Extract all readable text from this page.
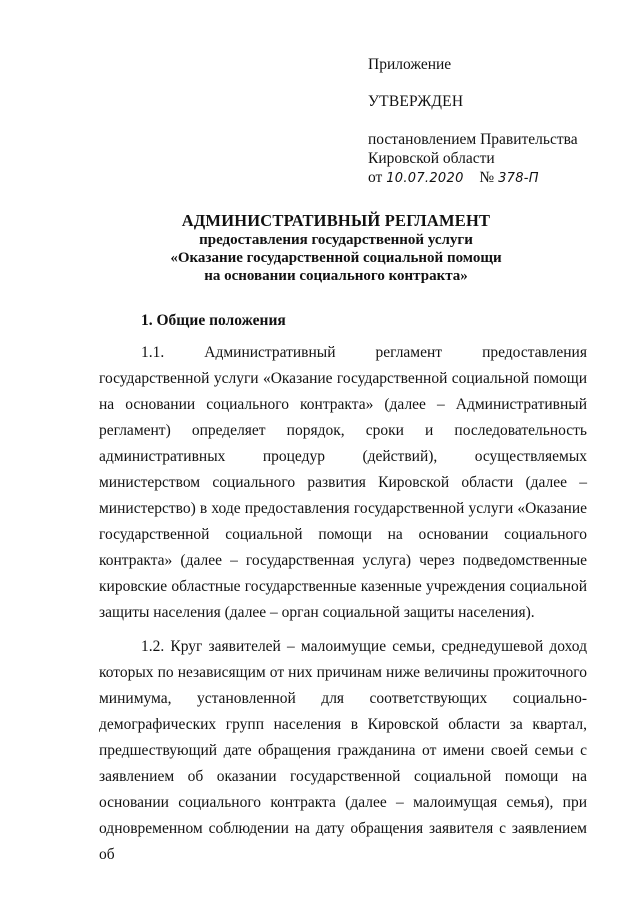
Приложение
УТВЕРЖДЕН
постановлением Правительства
Кировской области
от 10.07.2020 № 378-П
АДМИНИСТРАТИВНЫЙ РЕГЛАМЕНТ
предоставления государственной услуги
«Оказание государственной социальной помощи
на основании социального контракта»
1. Общие положения

1.1. Административный регламент предоставления государственной услуги «Оказание государственной социальной помощи на основании социального контракта» (далее – Административный регламент) определяет порядок, сроки и последовательность административных процедур (действий), осуществляемых министерством социального развития Кировской области (далее – министерство) в ходе предоставления государственной услуги «Оказание государственной социальной помощи на основании социального контракта» (далее – государственная услуга) через подведомственные кировские областные государственные казенные учреждения социальной защиты населения (далее – орган социальной защиты населения).

1.2. Круг заявителей – малоимущие семьи, среднедушевой доход которых по независящим от них причинам ниже величины прожиточного минимума, установленной для соответствующих социально-демографических групп населения в Кировской области за квартал, предшествующий дате обращения гражданина от имени своей семьи с заявлением об оказании государственной социальной помощи на основании социального контракта (далее – малоимущая семья), при одновременном соблюдении на дату обращения заявителя с заявлением об
